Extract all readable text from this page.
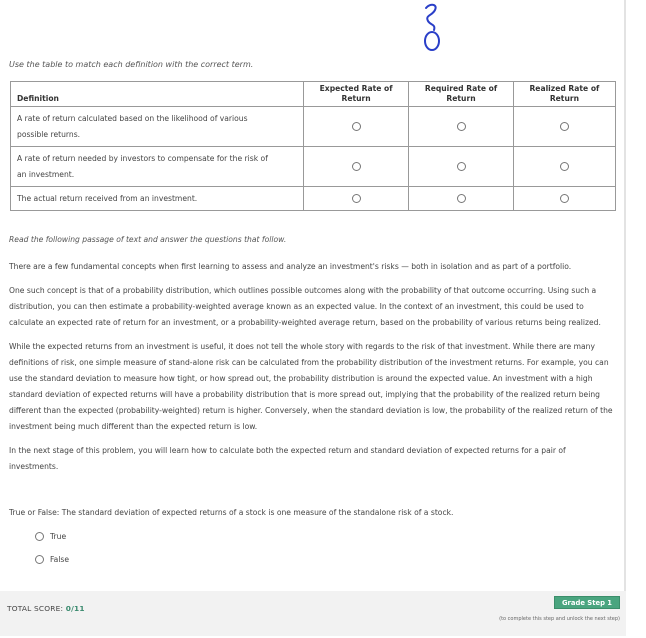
Use the table to match each definition with the correct term.
Definition	Expected Rate of Return	Required Rate of Return	Realized Rate of Return

A rate of return calculated based on the likelihood of various
possible returns.			

A rate of return needed by investors to compensate for the risk of
an investment.			

The actual return received from an investment.			

Read the following passage of text and answer the questions that follow.

There are a few fundamental concepts when first learning to assess and analyze an investment's risks — both in isolation and as part of a portfolio.

One such concept is that of a probability distribution, which outlines possible outcomes along with the probability of that outcome occurring. Using such a distribution, you can then estimate a probability-weighted average known as an expected value. In the context of an investment, this could be used to calculate an expected rate of return for an investment, or a probability-weighted average return, based on the probability of various returns being realized.

While the expected returns from an investment is useful, it does not tell the whole story with regards to the risk of that investment. While there are many definitions of risk, one simple measure of stand-alone risk can be calculated from the probability distribution of the investment returns. For example, you can use the standard deviation to measure how tight, or how spread out, the probability distribution is around the expected value. An investment with a high standard deviation of expected returns will have a probability distribution that is more spread out, implying that the probability of the realized return being different than the expected (probability-weighted) return is higher. Conversely, when the standard deviation is low, the probability of the realized return of the investment being much different than the expected return is low.

In the next stage of this problem, you will learn how to calculate both the expected return and standard deviation of expected returns for a pair of investments.

True or False: The standard deviation of expected returns of a stock is one measure of the standalone risk of a stock.
True
False
TOTAL SCORE: 0/11
Grade Step 1
(to complete this step and unlock the next step)
